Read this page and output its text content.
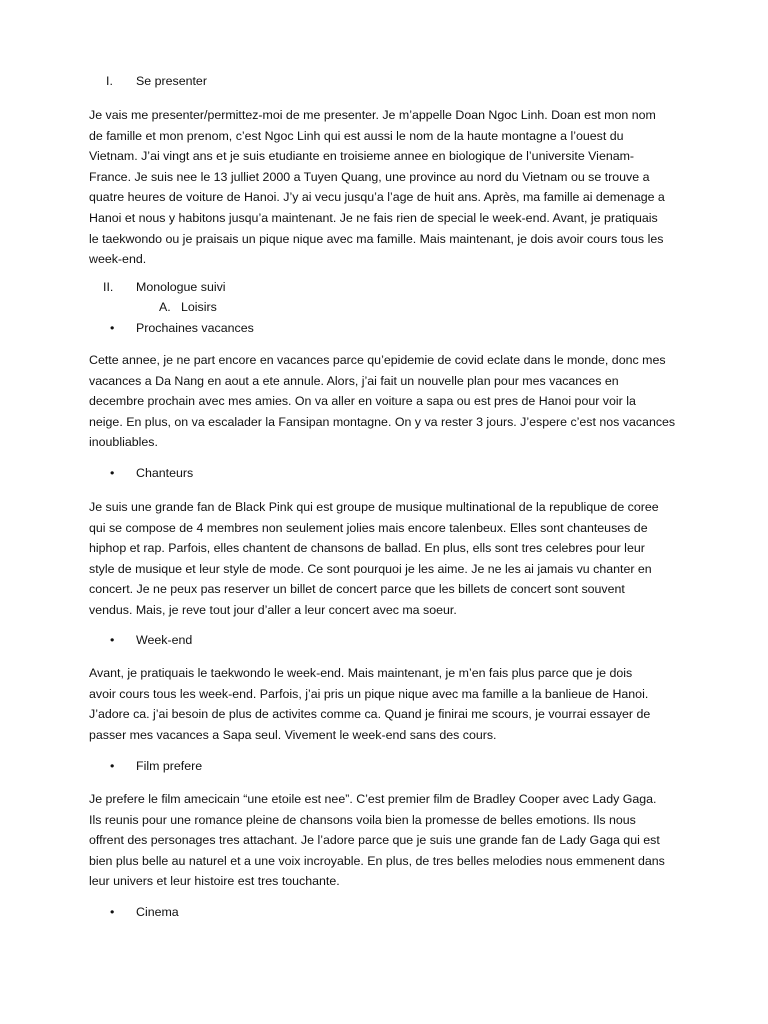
I. Se presenter
Je vais me presenter/permittez-moi de me presenter. Je m’appelle Doan Ngoc Linh. Doan est mon nom
de famille et mon prenom, c’est Ngoc Linh qui est aussi le nom de la haute montagne a l’ouest du
Vietnam. J’ai vingt ans et je suis etudiante en troisieme annee en biologique de l’universite Vienam-
France. Je suis nee le 13 julliet 2000 a Tuyen Quang, une province au nord du Vietnam ou se trouve a
quatre heures de voiture de Hanoi. J’y ai vecu jusqu’a l’age de huit ans. Après, ma famille ai demenage a
Hanoi et nous y habitons jusqu’a maintenant. Je ne fais rien de special le week-end. Avant, je pratiquais
le taekwondo ou je praisais un pique nique avec ma famille. Mais maintenant, je dois avoir cours tous les
week-end.
II. Monologue suivi
A. Loisirs
• Prochaines vacances
Cette annee, je ne part encore en vacances parce qu’epidemie de covid eclate dans le monde, donc mes
vacances a Da Nang en aout a ete annule. Alors, j’ai fait un nouvelle plan pour mes vacances en
decembre prochain avec mes amies. On va aller en voiture a sapa ou est pres de Hanoi pour voir la
neige. En plus, on va escalader la Fansipan montagne. On y va rester 3 jours. J’espere c’est nos vacances
inoubliables.
• Chanteurs
Je suis une grande fan de Black Pink qui est groupe de musique multinational de la republique de coree
qui se compose de 4 membres non seulement jolies mais encore talenbeux. Elles sont chanteuses de
hiphop et rap. Parfois, elles chantent de chansons de ballad. En plus, ells sont tres celebres pour leur
style de musique et leur style de mode. Ce sont pourquoi je les aime. Je ne les ai jamais vu chanter en
concert. Je ne peux pas reserver un billet de concert parce que les billets de concert sont souvent
vendus. Mais, je reve tout jour d’aller a leur concert avec ma soeur.
• Week-end
Avant, je pratiquais le taekwondo le week-end. Mais maintenant, je m’en fais plus parce que je dois
avoir cours tous les week-end. Parfois, j’ai pris un pique nique avec ma famille a la banlieue de Hanoi.
J’adore ca. j’ai besoin de plus de activites comme ca. Quand je finirai me scours, je vourrai essayer de
passer mes vacances a Sapa seul. Vivement le week-end sans des cours.
• Film prefere
Je prefere le film amecicain “une etoile est nee”. C’est premier film de Bradley Cooper avec Lady Gaga.
Ils reunis pour une romance pleine de chansons voila bien la promesse de belles emotions. Ils nous
offrent des personages tres attachant. Je l’adore parce que je suis une grande fan de Lady Gaga qui est
bien plus belle au naturel et a une voix incroyable. En plus, de tres belles melodies nous emmenent dans
leur univers et leur histoire est tres touchante.
• Cinema
